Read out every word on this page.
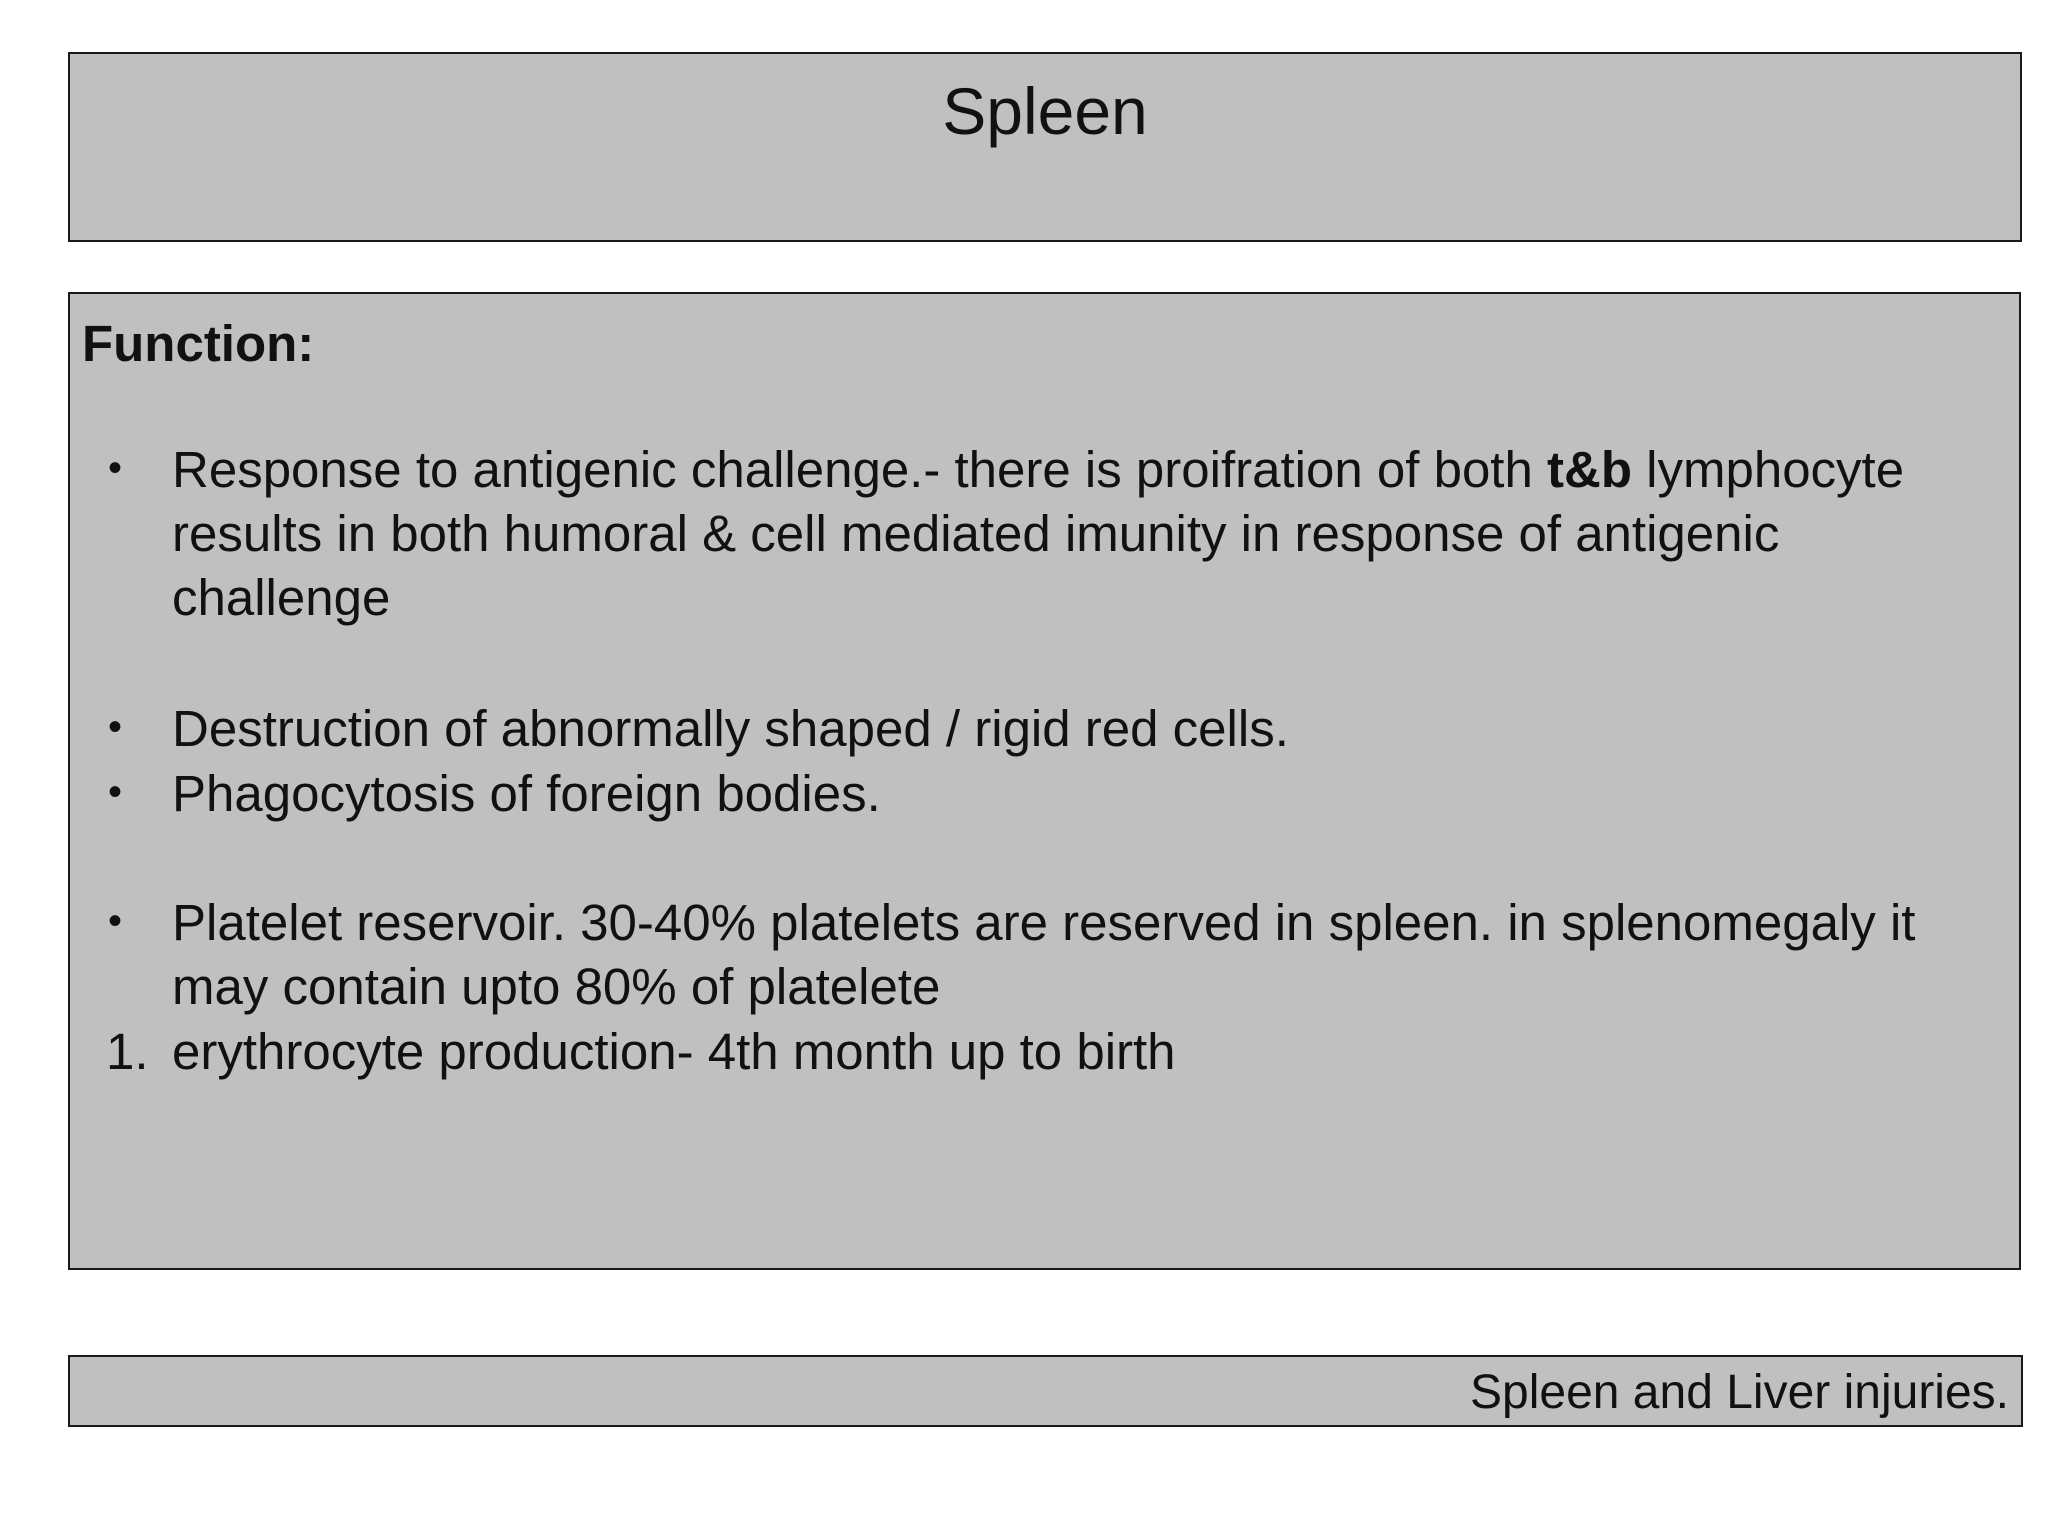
Spleen
Function:
• Response to antigenic challenge.- there is proifration of both t&b lymphocyte results in both humoral & cell mediated imunity in response of antigenic challenge
• Destruction of abnormally shaped / rigid red cells.
• Phagocytosis of foreign bodies.
• Platelet reservoir. 30-40% platelets are reserved in spleen. in splenomegaly it may contain upto 80% of platelete
1. erythrocyte production- 4th month up to birth
Spleen and Liver injuries.
